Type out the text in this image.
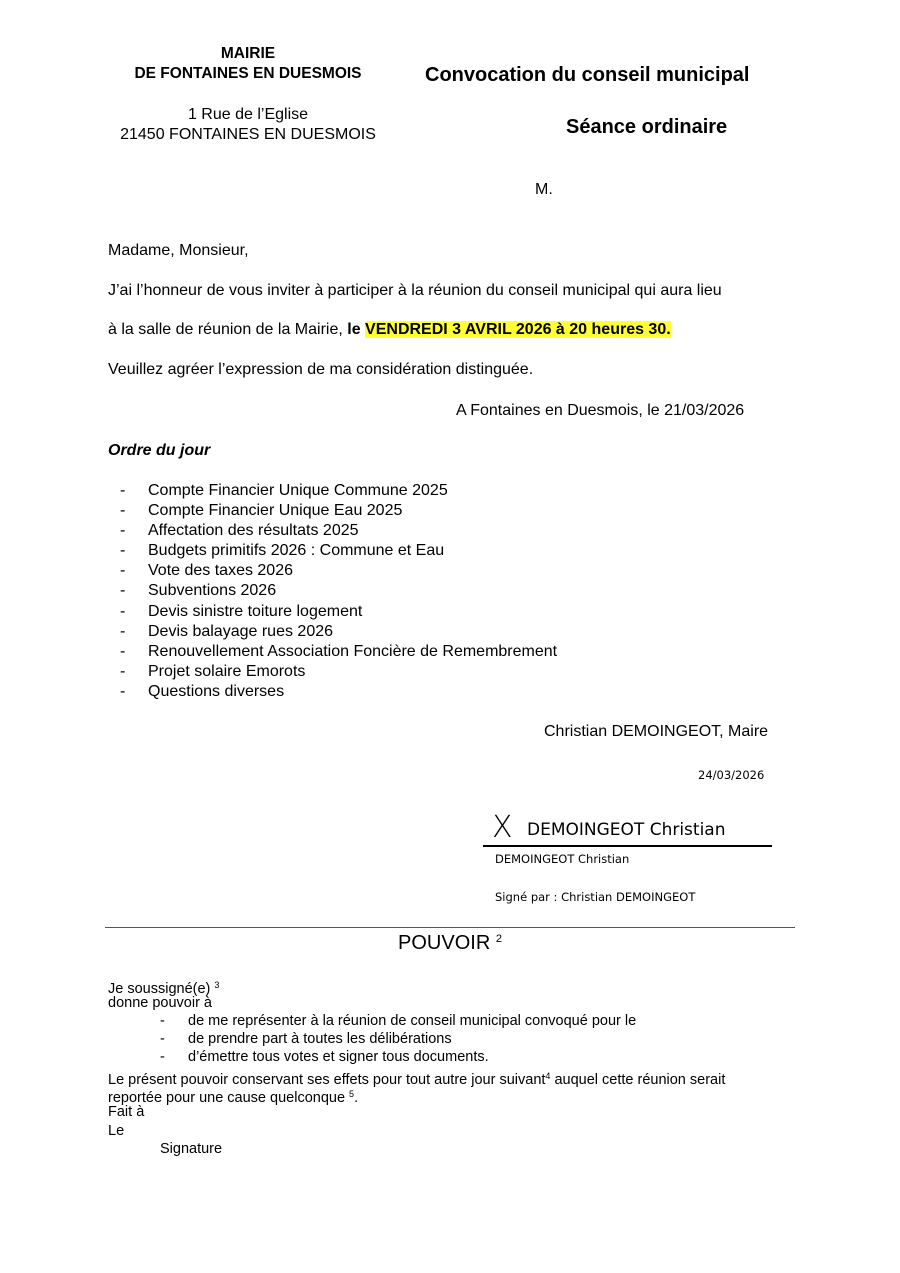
MAIRIE
DE FONTAINES EN DUESMOIS
1 Rue de l’Eglise
21450 FONTAINES EN DUESMOIS
Convocation du conseil municipal
Séance ordinaire
M.
Madame, Monsieur,
J’ai l’honneur de vous inviter à participer à la réunion du conseil municipal qui aura lieu
à la salle de réunion de la Mairie, le VENDREDI 3 AVRIL 2026 à 20 heures 30.
Veuillez agréer l’expression de ma considération distinguée.
A Fontaines en Duesmois, le 21/03/2026
Ordre du jour
- Compte Financier Unique Commune 2025
- Compte Financier Unique Eau 2025
- Affectation des résultats 2025
- Budgets primitifs 2026 : Commune et Eau
- Vote des taxes 2026
- Subventions 2026
- Devis sinistre toiture logement
- Devis balayage rues 2026
- Renouvellement Association Foncière de Remembrement
- Projet solaire Emorots
- Questions diverses
Christian DEMOINGEOT, Maire
24/03/2026
X DEMOINGEOT Christian
DEMOINGEOT Christian
Signé par : Christian DEMOINGEOT
POUVOIR $^2$
Je soussigné(e) $^3$
donne pouvoir à
- de me représenter à la réunion de conseil municipal convoqué pour le
- de prendre part à toutes les délibérations
- d’émettre tous votes et signer tous documents.
Le présent pouvoir conservant ses effets pour tout autre jour suivant$^4$ auquel cette réunion serait
reportée pour une cause quelconque $^5$.
Fait à
Le
Signature
